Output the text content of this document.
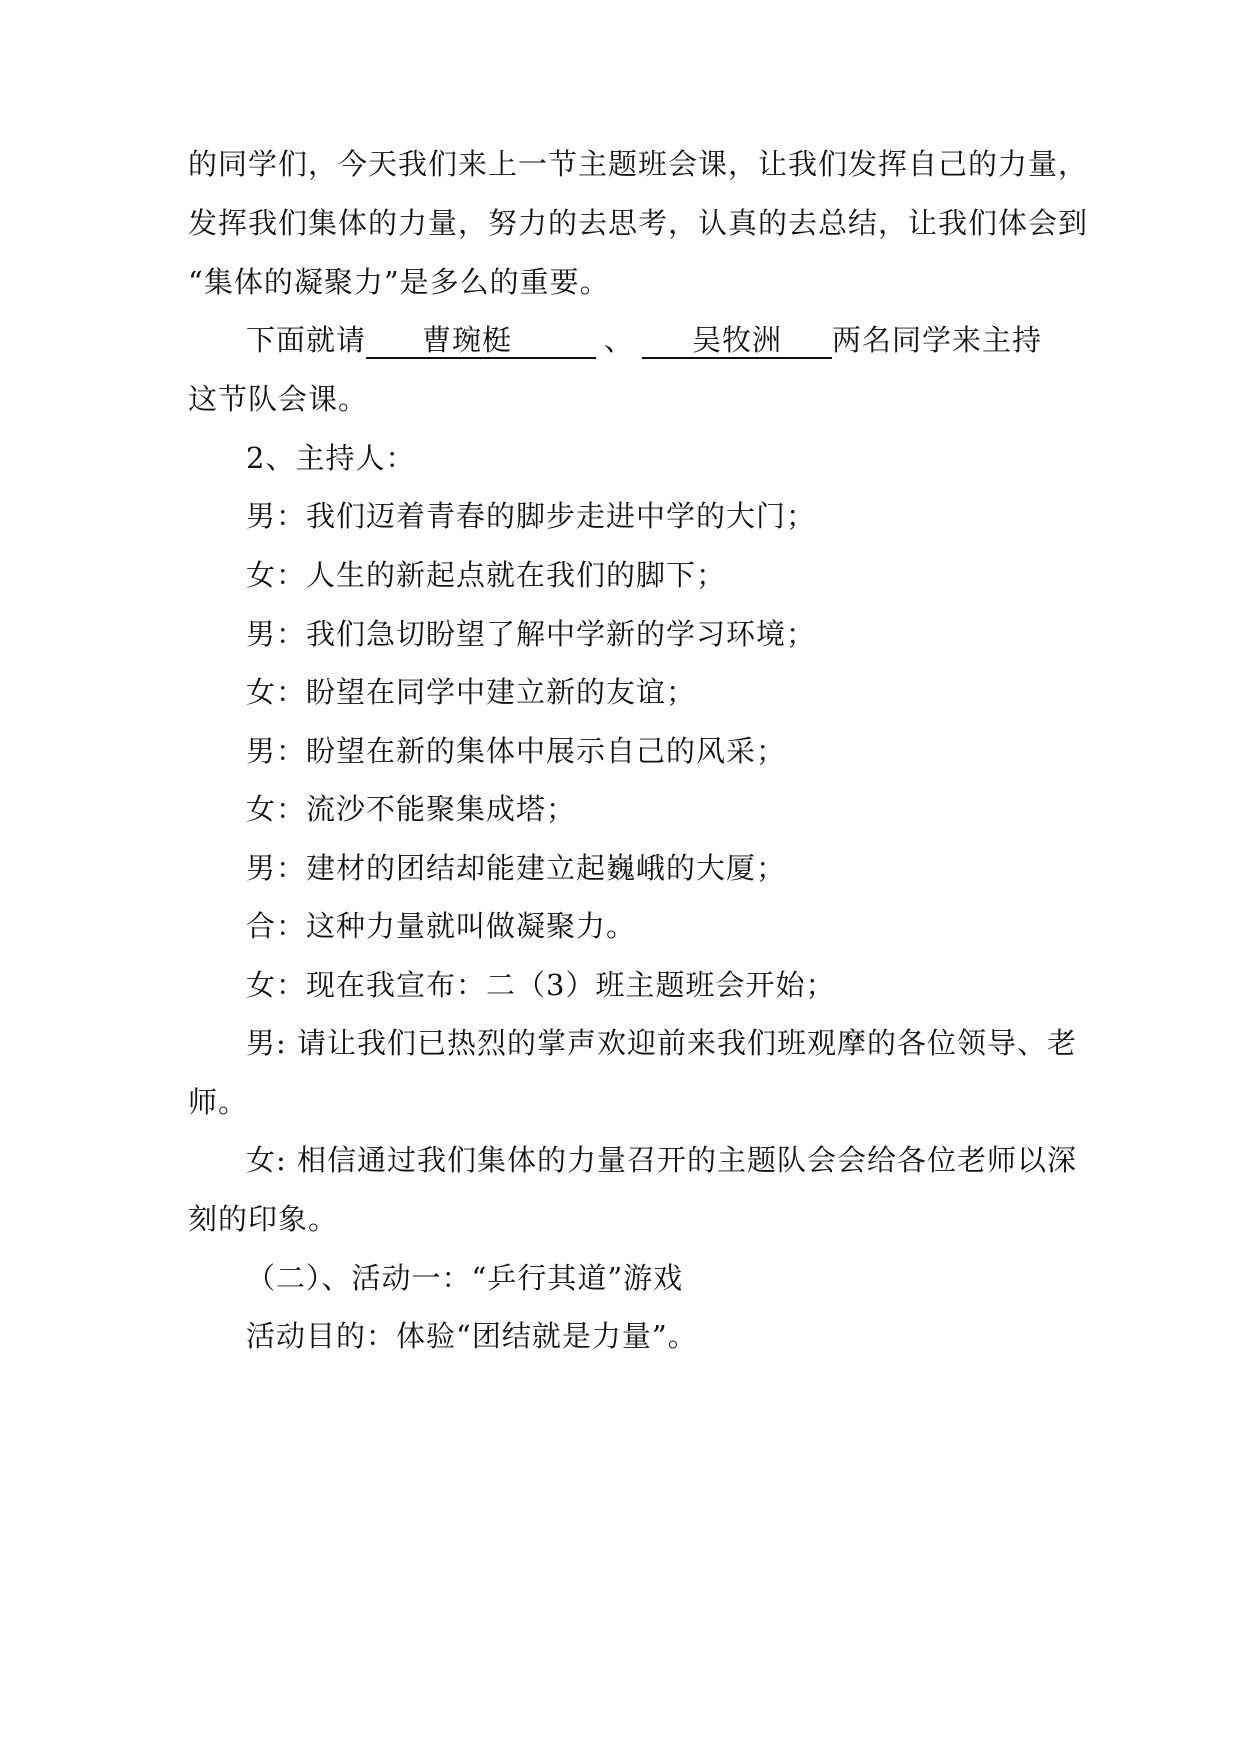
的同学们，今天我们来上一节主题班会课，让我们发挥自己的力量，
发挥我们集体的力量，努力的去思考，认真的去总结，让我们体会到
“集体的凝聚力”是多么的重要。
下面就请 曹琬梃	、 吴牧洲 两名同学来主持
这节队会课。
2、主持人：
男：我们迈着青春的脚步走进中学的大门；
女：人生的新起点就在我们的脚下；
男：我们急切盼望了解中学新的学习环境；
女：盼望在同学中建立新的友谊；
男：盼望在新的集体中展示自己的风采；
女：流沙不能聚集成塔；
男：建材的团结却能建立起巍峨的大厦；
合：这种力量就叫做凝聚力。
女：现在我宣布：二（3）班主题班会开始；
男: 请让我们已热烈的掌声欢迎前来我们班观摩的各位领导、老
师。
女: 相信通过我们集体的力量召开的主题队会会给各位老师以深
刻的印象。
（二）、活动一：“乒行其道”游戏
活动目的：体验“团结就是力量”。
